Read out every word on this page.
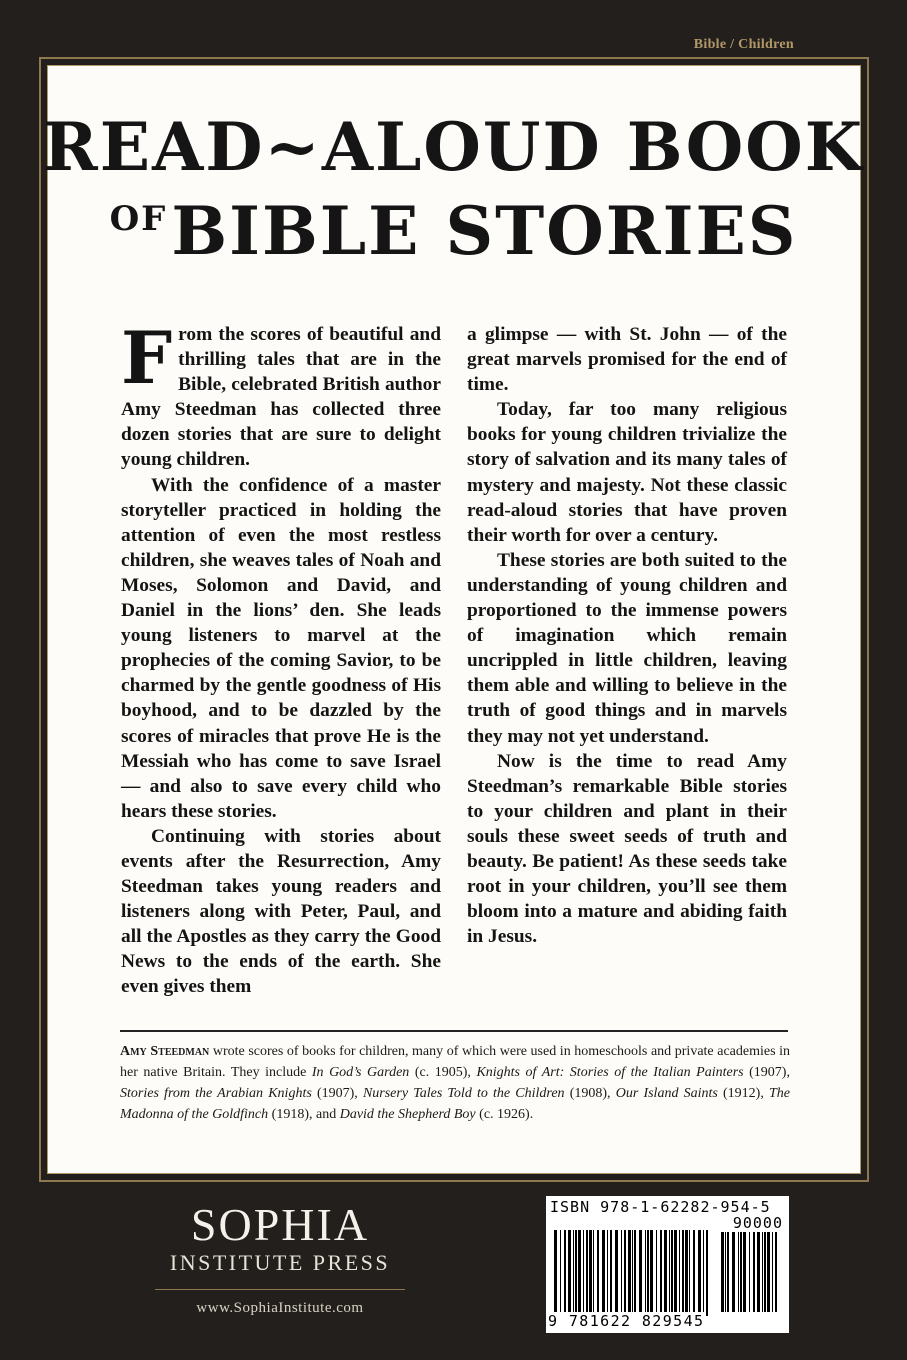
Bible / Children
READ~ALOUD BOOK
$^{OF}$BIBLE STORIES

From the scores of beautiful and thrilling tales that are in the Bible, celebrated British author Amy Steedman has collected three dozen stories that are sure to delight young children.

With the confidence of a master storyteller practiced in holding the attention of even the most restless children, she weaves tales of Noah and Moses, Solomon and David, and Daniel in the lions’ den. She leads young listeners to marvel at the prophecies of the coming Savior, to be charmed by the gentle goodness of His boyhood, and to be dazzled by the scores of miracles that prove He is the Messiah who has come to save Israel— and also to save every child who hears these stories.

Continuing with stories about events after the Resurrection, Amy Steedman takes young readers and listeners along with Peter, Paul, and all the Apostles as they carry the Good News to the ends of the earth. She even gives them

a glimpse — with St. John — of the great marvels promised for the end of time.

Today, far too many religious books for young children trivialize the story of salvation and its many tales of mystery and majesty. Not these classic read-aloud stories that have proven their worth for over a century.

These stories are both suited to the understanding of young children and proportioned to the immense powers of imagination which remain uncrippled in little children, leaving them able and willing to believe in the truth of good things and in marvels they may not yet understand.

Now is the time to read Amy Steedman’s remarkable Bible stories to your children and plant in their souls these sweet seeds of truth and beauty. Be patient! As these seeds take root in your children, you’ll see them bloom into a mature and abiding faith in Jesus.

Amy Steedman wrote scores of books for children, many of which were used in homeschools and private academies in her native Britain. They include In God’s Garden (c. 1905), Knights of Art: Stories of the Italian Painters (1907), Stories from the Arabian Knights (1907), Nursery Tales Told to the Children (1908), Our Island Saints (1912), The Madonna of the Goldfinch (1918), and David the Shepherd Boy (c. 1926).
SOPHIA
INSTITUTE PRESS
www.SophiaInstitute.com
ISBN 978-1-62282-954-5
90000
9 781622 829545
